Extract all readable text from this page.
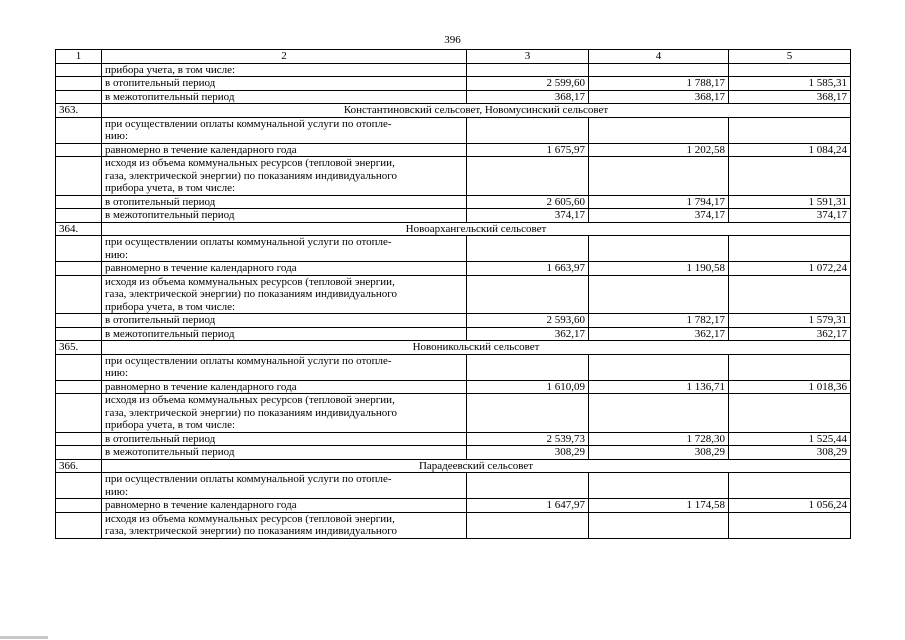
396
1	2	3	4	5
	прибора учета, в том числе:			
	в отопительный период	2 599,60	1 788,17	1 585,31
	в межотопительный период	368,17	368,17	368,17
363.	Константиновский сельсовет, Новомусинский сельсовет			

	при осуществлении оплаты коммунальной услуги по отопле-
нию:			

	равномерно в течение календарного года	1 675,97	1 202,58	1 084,24

	исходя из объема коммунальных ресурсов (тепловой энергии,
газа, электрической энергии) по показаниям индивидуального
прибора учета, в том числе:			

	в отопительный период	2 605,60	1 794,17	1 591,31
	в межотопительный период	374,17	374,17	374,17
364.	Новоархангельский сельсовет			

	при осуществлении оплаты коммунальной услуги по отопле-
нию:			

	равномерно в течение календарного года	1 663,97	1 190,58	1 072,24

	исходя из объема коммунальных ресурсов (тепловой энергии,
газа, электрической энергии) по показаниям индивидуального
прибора учета, в том числе:			

	в отопительный период	2 593,60	1 782,17	1 579,31
	в межотопительный период	362,17	362,17	362,17
365.	Новоникольский сельсовет			

	при осуществлении оплаты коммунальной услуги по отопле-
нию:			

	равномерно в течение календарного года	1 610,09	1 136,71	1 018,36

	исходя из объема коммунальных ресурсов (тепловой энергии,
газа, электрической энергии) по показаниям индивидуального
прибора учета, в том числе:			

	в отопительный период	2 539,73	1 728,30	1 525,44
	в межотопительный период	308,29	308,29	308,29
366.	Парадеевский сельсовет			

	при осуществлении оплаты коммунальной услуги по отопле-
нию:			

	равномерно в течение календарного года	1 647,97	1 174,58	1 056,24

	исходя из объема коммунальных ресурсов (тепловой энергии,
газа, электрической энергии) по показаниям индивидуального			
